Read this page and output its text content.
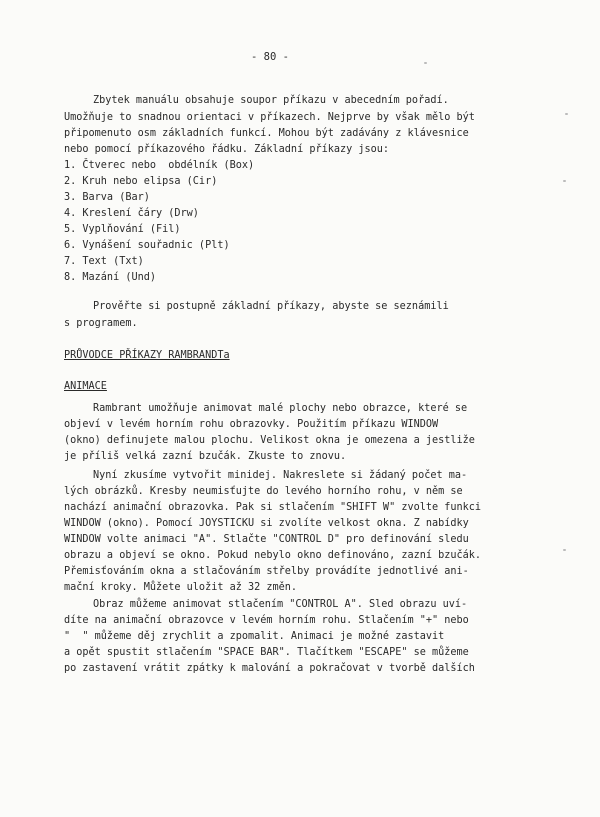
- 80 -
Zbytek manuálu obsahuje soupor příkazu v abecedním pořadí.
Umožňuje to snadnou orientaci v příkazech. Nejprve by však mělo být
připomenuto osm základních funkcí. Mohou být zadávány z klávesnice
nebo pomocí příkazového řádku. Základní příkazy jsou:
1. Čtverec nebo  obdélník (Box)
2. Kruh nebo elipsa (Cir)
3. Barva (Bar)
4. Kreslení čáry (Drw)
5. Vyplňování (Fil)
6. Vynášení souřadnic (Plt)
7. Text (Txt)
8. Mazání (Und)
Prověřte si postupně základní příkazy, abyste se seznámili
s programem.
PRŮVODCE PŘÍKAZY RAMBRANDTa
ANIMACE
Rambrant umožňuje animovat malé plochy nebo obrazce, které se
objeví v levém horním rohu obrazovky. Použitím příkazu WINDOW
(okno) definujete malou plochu. Velikost okna je omezena a jestliže
je příliš velká zazní bzučák. Zkuste to znovu.
Nyní zkusíme vytvořit minidej. Nakreslete si žádaný počet ma-
lých obrázků. Kresby neumisťujte do levého horního rohu, v něm se
nachází animační obrazovka. Pak si stlačením "SHIFT W" zvolte funkci
WINDOW (okno). Pomocí JOYSTICKU si zvolíte velkost okna. Z nabídky
WINDOW volte animaci "A". Stlačte "CONTROL D" pro definování sledu
obrazu a objeví se okno. Pokud nebylo okno definováno, zazní bzučák.
Přemisťováním okna a stlačováním střelby provádíte jednotlivé ani-
mační kroky. Můžete uložit až 32 změn.
Obraz můžeme animovat stlačením "CONTROL A". Sled obrazu uví-
díte na animační obrazovce v levém horním rohu. Stlačením "+" nebo
"  " můžeme děj zrychlit a zpomalit. Animaci je možné zastavit
a opět spustit stlačením "SPACE BAR". Tlačítkem "ESCAPE" se můžeme
po zastavení vrátit zpátky k malování a pokračovat v tvorbě dalších
